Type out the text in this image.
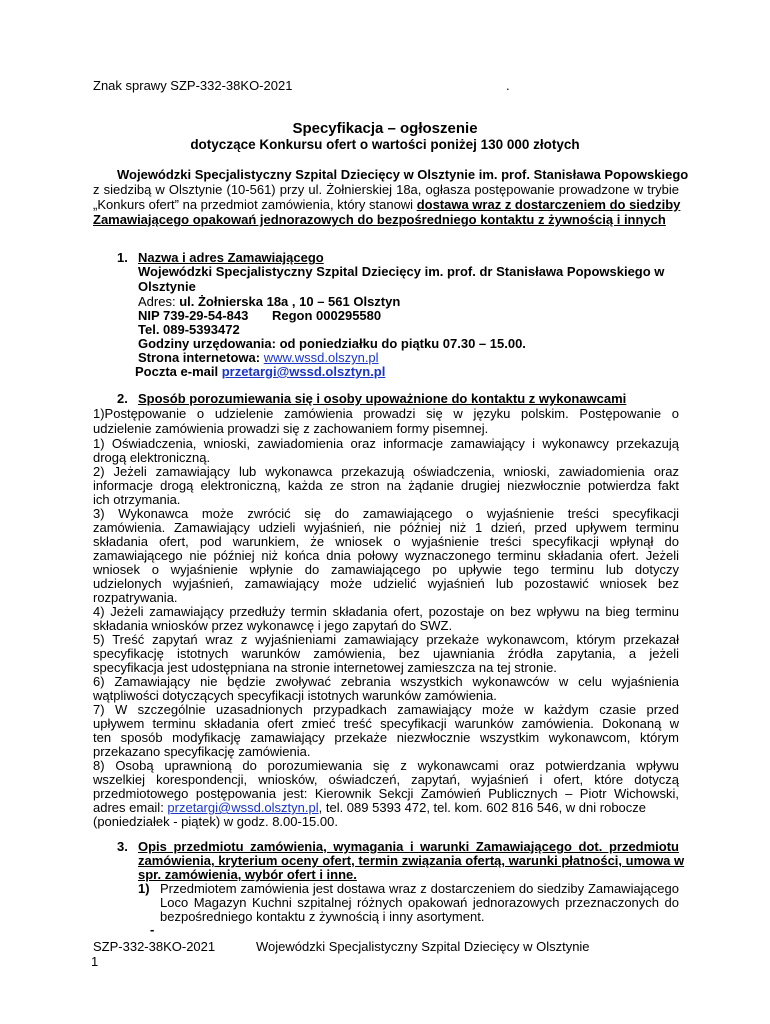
Znak sprawy SZP-332-38KO-2021	.
Specyfikacja – ogłoszenie
dotyczące Konkursu ofert o wartości poniżej 130 000 złotych
Wojewódzki Specjalistyczny Szpital Dziecięcy w Olsztynie im. prof. Stanisława Popowskiego
z siedzibą w Olsztynie (10-561) przy ul. Żołnierskiej 18a, ogłasza postępowanie prowadzone w trybie
„Konkurs ofert” na przedmiot zamówienia, który stanowi dostawa wraz z dostarczeniem do siedziby
Zamawiającego opakowań jednorazowych do bezpośredniego kontaktu z żywnością i innych
1. Nazwa i adres Zamawiającego
Wojewódzki Specjalistyczny Szpital Dziecięcy im. prof. dr Stanisława Popowskiego w
Olsztynie
Adres: ul. Żołnierska 18a , 10 – 561 Olsztyn
NIP 739-29-54-843 Regon 000295580
Tel. 089-5393472
Godziny urzędowania: od poniedziałku do piątku 07.30 – 15.00.
Strona internetowa: www.wssd.olszyn.pl
Poczta e-mail przetargi@wssd.olsztyn.pl
2. Sposób porozumiewania się i osoby upoważnione do kontaktu z wykonawcami
1)Postępowanie o udzielenie zamówienia prowadzi się w języku polskim. Postępowanie o
udzielenie zamówienia prowadzi się z zachowaniem formy pisemnej.
1) Oświadczenia, wnioski, zawiadomienia oraz informacje zamawiający i wykonawcy przekazują
drogą elektroniczną.
2) Jeżeli zamawiający lub wykonawca przekazują oświadczenia, wnioski, zawiadomienia oraz
informacje drogą elektroniczną, każda ze stron na żądanie drugiej niezwłocznie potwierdza fakt
ich otrzymania.
3) Wykonawca może zwrócić się do zamawiającego o wyjaśnienie treści specyfikacji
zamówienia. Zamawiający udzieli wyjaśnień, nie później niż 1 dzień, przed upływem terminu
składania ofert, pod warunkiem, że wniosek o wyjaśnienie treści specyfikacji wpłynął do
zamawiającego nie później niż końca dnia połowy wyznaczonego terminu składania ofert. Jeżeli
wniosek o wyjaśnienie wpłynie do zamawiającego po upływie tego terminu lub dotyczy
udzielonych wyjaśnień, zamawiający może udzielić wyjaśnień lub pozostawić wniosek bez
rozpatrywania.
4) Jeżeli zamawiający przedłuży termin składania ofert, pozostaje on bez wpływu na bieg terminu
składania wniosków przez wykonawcę i jego zapytań do SWZ.
5) Treść zapytań wraz z wyjaśnieniami zamawiający przekaże wykonawcom, którym przekazał
specyfikację istotnych warunków zamówienia, bez ujawniania źródła zapytania, a jeżeli
specyfikacja jest udostępniana na stronie internetowej zamieszcza na tej stronie.
6) Zamawiający nie będzie zwoływać zebrania wszystkich wykonawców w celu wyjaśnienia
wątpliwości dotyczących specyfikacji istotnych warunków zamówienia.
7) W szczególnie uzasadnionych przypadkach zamawiający może w każdym czasie przed
upływem terminu składania ofert zmieć treść specyfikacji warunków zamówienia. Dokonaną w
ten sposób modyfikację zamawiający przekaże niezwłocznie wszystkim wykonawcom, którym
przekazano specyfikację zamówienia.
8) Osobą uprawnioną do porozumiewania się z wykonawcami oraz potwierdzania wpływu
wszelkiej korespondencji, wniosków, oświadczeń, zapytań, wyjaśnień i ofert, które dotyczą
przedmiotowego postępowania jest: Kierownik Sekcji Zamówień Publicznych – Piotr Wichowski,
adres email: przetargi@wssd.olsztyn.pl, tel. 089 5393 472, tel. kom. 602 816 546, w dni robocze
(poniedziałek - piątek) w godz. 8.00-15.00.
3. Opis przedmiotu zamówienia, wymagania i warunki Zamawiającego dot. przedmiotu
zamówienia, kryterium oceny ofert, termin związania ofertą, warunki płatności, umowa w
spr. zamówienia, wybór ofert i inne.
1) Przedmiotem zamówienia jest dostawa wraz z dostarczeniem do siedziby Zamawiającego
Loco Magazyn Kuchni szpitalnej różnych opakowań jednorazowych przeznaczonych do
bezpośredniego kontaktu z żywnością i inny asortyment.
-
SZP-332-38KO-2021	Wojewódzki Specjalistyczny Szpital Dziecięcy w Olsztynie
1
